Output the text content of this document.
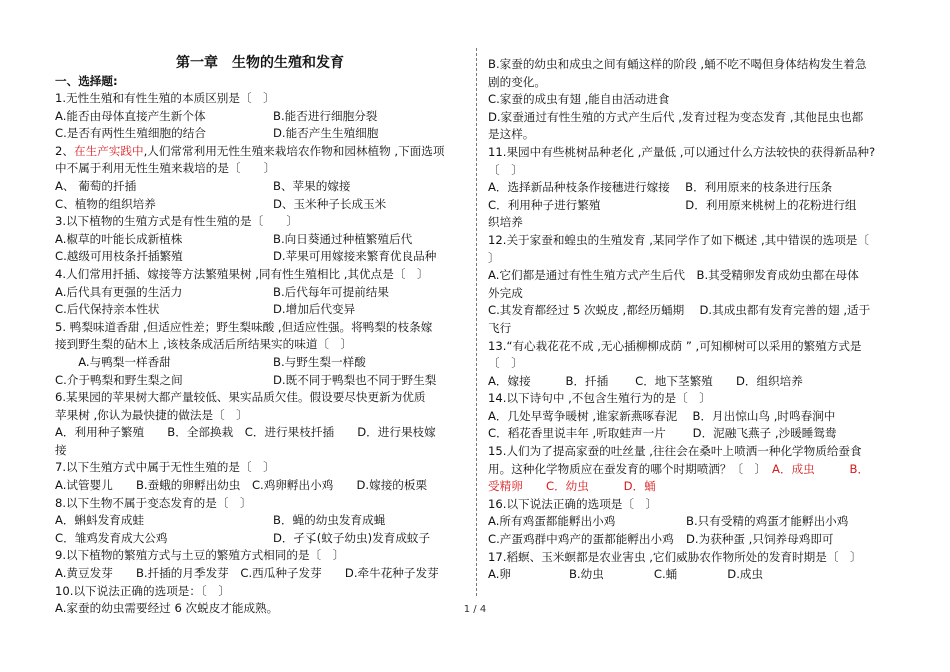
第一章　生物的生殖和发育
一、选择题:
1.无性生殖和有性生殖的本质区别是〔　〕
A.能否由母体直接产生新个体	B.能否进行细胞分裂
C.是否有两性生殖细胞的结合	D.能否产生生殖细胞
2、在生产实践中,人们常常利用无性生殖来栽培农作物和园林植物 ,下面选项
中不属于利用无性生殖来栽培的是〔　　〕
A、 葡萄的扦插	B、苹果的嫁接
C、植物的组织培养	D、玉米种子长成玉米
3.以下植物的生殖方式是有性生殖的是〔　　〕
A.椒草的叶能长成新植株	B.向日葵通过种植繁殖后代
C.越级可用枝条扦插繁殖	D.苹果可用嫁接来繁育优良品种
4.人们常用扦插、嫁接等方法繁殖果树 ,同有性生殖相比 ,其优点是〔　〕
A.后代具有更强的生活力	B.后代每年可提前结果
C.后代保持亲本性状	D.增加后代变异
5. 鸭梨味道香甜 ,但适应性差；野生梨味酸 ,但适应性强。将鸭梨的枝条嫁
接到野生梨的砧木上 ,该枝条成活后所结果实的味道〔　〕
　　A.与鸭梨一样香甜	B.与野生梨一样酸
C.介于鸭梨和野生梨之间	D.既不同于鸭梨也不同于野生梨
6.某果园的苹果树大都产量较低、果实品质欠佳。假设要尽快更新为优质
苹果树 ,你认为最快捷的做法是〔　〕
A．利用种子繁殖　　B．全部换栽　C．进行果枝扦插　　D．进行果枝嫁
接
7.以下生殖方式中属于无性生殖的是〔　〕
A.试管婴儿　　B.蚕蛾的卵孵出幼虫　C.鸡卵孵出小鸡　　D.嫁接的板栗
8.以下生物不属于变态发育的是〔　〕
A．蝌蚪发育成蛙	B．蝇的幼虫发育成蝇
C．雏鸡发育成大公鸡	D．孑孓(蚊子幼虫)发育成蚊子
9.以下植物的繁殖方式与土豆的繁殖方式相同的是〔　〕
A.黄豆发芽　　B.扦插的月季发芽　C.西瓜种子发芽　　D.牵牛花种子发芽
10.以下说法正确的选项是：〔　〕
A.家蚕的幼虫需要经过 6 次蜕皮才能成熟。
B.家蚕的幼虫和成虫之间有蛹这样的阶段 ,蛹不吃不喝但身体结构发生着急
剧的变化。
C.家蚕的成虫有翅 ,能自由活动进食
D.家蚕通过有性生殖的方式产生后代 ,发育过程为变态发育 ,其他昆虫也都
是这样。
11.果园中有些桃树品种老化 ,产量低 ,可以通过什么方法较快的获得新品种?
〔　〕
A．选择新品种枝条作接穗进行嫁接　 B．利用原来的枝条进行压条
C．利用种子进行繁殖　　　　　　　 D．利用原来桃树上的花粉进行组
织培养
12.关于家蚕和蝗虫的生殖发育 ,某同学作了如下概述 ,其中错误的选项是〔
〕
A.它们都是通过有性生殖方式产生后代　B.其受精卵发育成幼虫都在母体
外完成
C.其发育都经过 5 次蜕皮 ,都经历蛹期　 D.其成虫都有发育完善的翅 ,适于
飞行
13.“有心栽花花不成 ,无心插柳柳成荫 ” ,可知柳树可以采用的繁殖方式是
〔　〕
A．嫁接　　　B．扦插　　 C．地下茎繁殖　　D．组织培养
14.以下诗句中 ,不包含生殖行为的是〔　〕
A．几处早莺争暖树 ,谁家新燕啄春泥　 B．月出惊山鸟 ,时鸣春涧中
C．稻花香里说丰年 ,听取蛙声一片　　 D．泥融飞燕子 ,沙暖睡鸳鸯
15.人们为了提高家蚕的吐丝量 ,往往会在桑叶上喷洒一种化学物质给蚕食
用。这种化学物质应在蚕发育的哪个时期喷洒？〔　〕　A．成虫　　　B．
受精卵　　C．幼虫　　　D．蛹
16.以下说法正确的选项是〔　〕
A.所有鸡蛋都能孵出小鸡	B.只有受精的鸡蛋才能孵出小鸡
C.产蛋鸡群中鸡产的蛋都能孵出小鸡 D.为获种蛋 ,只饲养母鸡即可
17.稻螟、玉米螟都是农业害虫 ,它们威胁农作物所处的发育时期是〔　〕
A.卵　　　　　B.幼虫　　　　 C.蛹　　　　 D.成虫
1 / 4
